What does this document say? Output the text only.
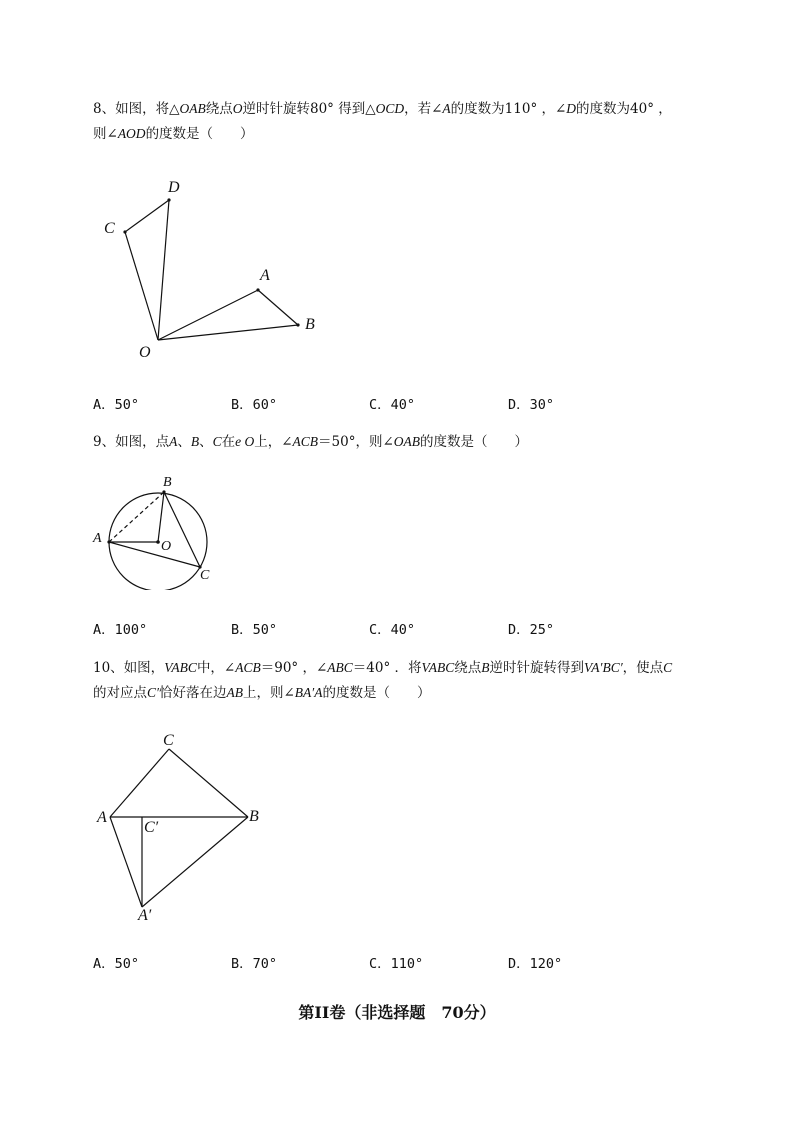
8、如图，将△OAB绕点O逆时针旋转80° 得到△OCD，若∠A的度数为110° ，∠D的度数为40° ，
则∠AOD的度数是（　　）
D
C
A
B
O
A．50°	B．60°	C．40°	D．30°
9、如图，点A、B、C在e O上，∠ACB＝50°，则∠OAB的度数是（　　）
B
A
O
C
A．100°	B．50°	C．40°	D．25°
10、如图，VABC中，∠ACB＝90° ，∠ABC＝40° ．将VABC绕点B逆时针旋转得到VA′BC′，使点C
的对应点C′恰好落在边AB上，则∠BA′A的度数是（　　）
C
A
C′
B
A′
A．50°	B．70°	C．110°	D．120°
第II卷（非选择题　70分）
